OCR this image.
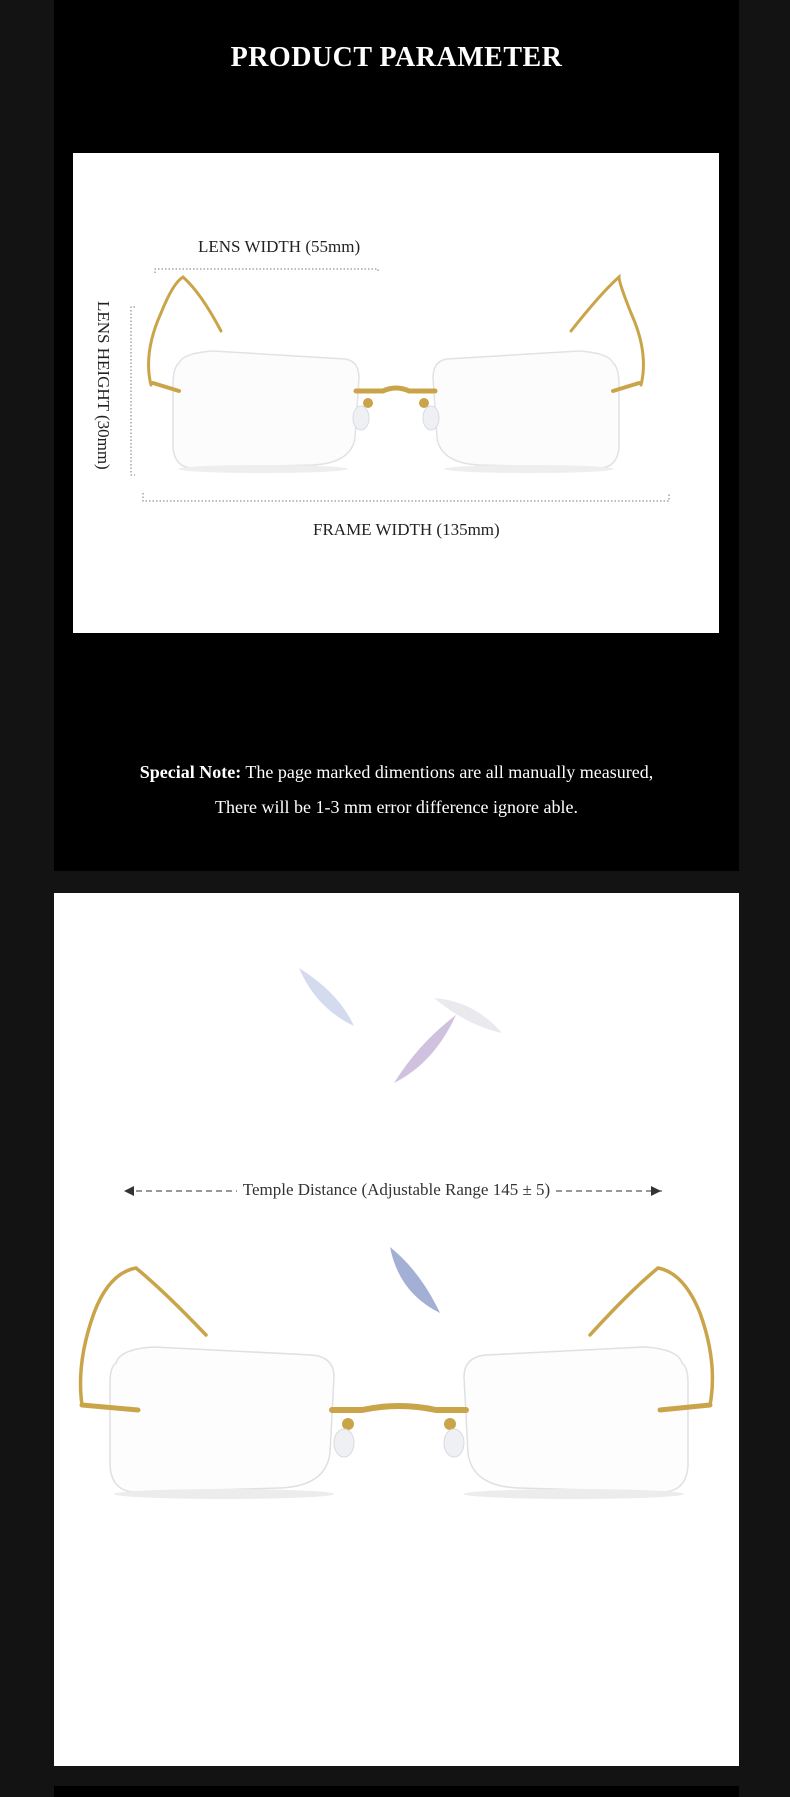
PRODUCT PARAMETER
LENS WIDTH (55mm)
FRAME WIDTH (135mm)
LENS HEIGHT (30mm)
Special Note: The page marked dimentions are all manually measured,
There will be 1-3 mm error difference ignore able.
Temple Distance (Adjustable Range 145 ± 5)
